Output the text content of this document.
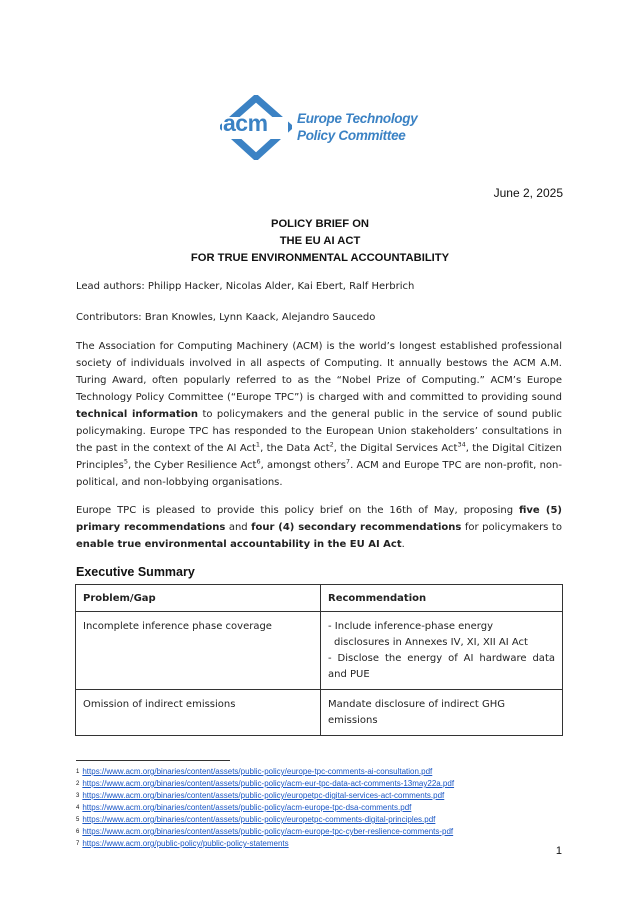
acm Europe Technology
Policy Committee
June 2, 2025
POLICY BRIEF ON
THE EU AI ACT
FOR TRUE ENVIRONMENTAL ACCOUNTABILITY
Lead authors: Philipp Hacker, Nicolas Alder, Kai Ebert, Ralf Herbrich
Contributors: Bran Knowles, Lynn Kaack, Alejandro Saucedo
The Association for Computing Machinery (ACM) is the world’s longest established professional society of individuals involved in all aspects of Computing. It annually bestows the ACM A.M. Turing Award, often popularly referred to as the “Nobel Prize of Computing.” ACM’s Europe Technology Policy Committee (“Europe TPC”) is charged with and committed to providing sound technical information to policymakers and the general public in the service of sound public policymaking. Europe TPC has responded to the European Union stakeholders’ consultations in the past in the context of the AI Act$^1$, the Data Act$^2$, the Digital Services Act$^{34}$, the Digital Citizen Principles$^5$, the Cyber Resilience Act$^6$, amongst others$^7$. ACM and Europe TPC are non-profit, non-political, and non-lobbying organisations.
Europe TPC is pleased to provide this policy brief on the 16th of May, proposing five (5) primary recommendations and four (4) secondary recommendations for policymakers to enable true environmental accountability in the EU AI Act.
Executive Summary
Problem/Gap	Recommendation
Incomplete inference phase coverage	- Include inference-phase energy
disclosures in Annexes IV, XI, XII AI Act
- Disclose the energy of AI hardware data and PUE

Omission of indirect emissions	Mandate disclosure of indirect GHG emissions
1 https://www.acm.org/binaries/content/assets/public-policy/europe-tpc-comments-ai-consultation.pdf
2 https://www.acm.org/binaries/content/assets/public-policy/acm-eur-tpc-data-act-comments-13may22a.pdf
3 https://www.acm.org/binaries/content/assets/public-policy/europetpc-digital-services-act-comments.pdf
4 https://www.acm.org/binaries/content/assets/public-policy/acm-europe-tpc-dsa-comments.pdf
5 https://www.acm.org/binaries/content/assets/public-policy/europetpc-comments-digital-principles.pdf
6 https://www.acm.org/binaries/content/assets/public-policy/acm-europe-tpc-cyber-reslience-comments-pdf
7 https://www.acm.org/public-policy/public-policy-statements
1
